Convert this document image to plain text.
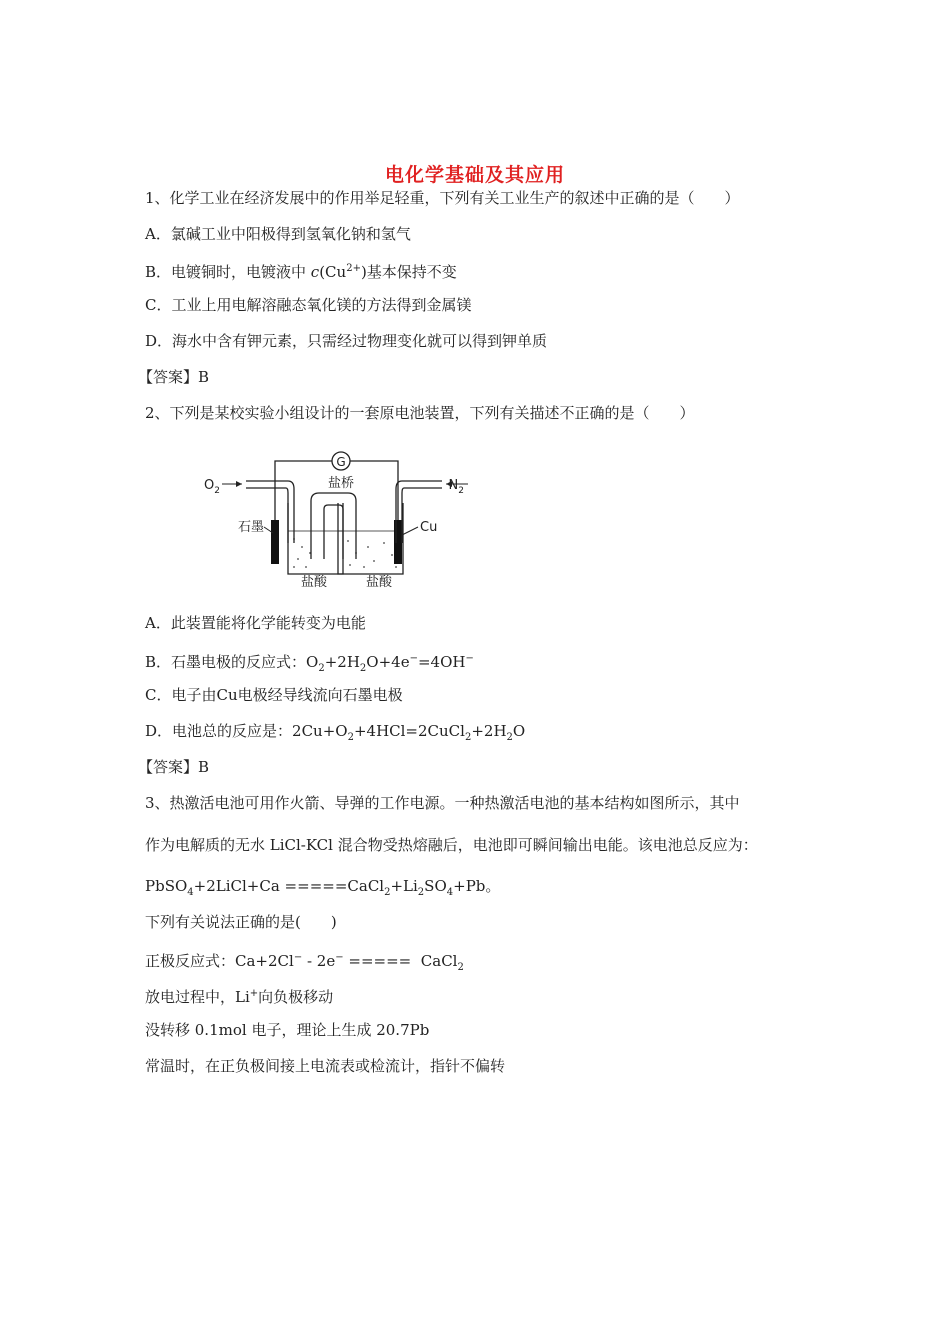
电化学基础及其应用
1、化学工业在经济发展中的作用举足轻重，下列有关工业生产的叙述中正确的是（　　）
A．氯碱工业中阳极得到氢氧化钠和氢气
B．电镀铜时，电镀液中 $c(Cu^{2+})$基本保持不变
C．工业上用电解溶融态氧化镁的方法得到金属镁
D．海水中含有钾元素，只需经过物理变化就可以得到钾单质
【答案】B
2、下列是某校实验小组设计的一套原电池装置，下列有关描述不正确的是（　　）
G
盐桥
$O_2$	$N_2$
石墨	Cu
盐酸	盐酸
A．此装置能将化学能转变为电能
B．石墨电极的反应式：$O_2+2H_2O+4e^-=4OH^-$
C．电子由Cu电极经导线流向石墨电极
D．电池总的反应是：$2Cu+O_2+4HCl=2CuCl_2+2H_2O$
【答案】B
3、热激活电池可用作火箭、导弹的工作电源。一种热激活电池的基本结构如图所示，其中
作为电解质的无水 LiCl-KCl 混合物受热熔融后，电池即可瞬间输出电能。该电池总反应为：
PbSO$_4$+2LiCl+Ca $=====CaCl_2+Li_2SO_4+Pb$。
下列有关说法正确的是(　　)
正极反应式：Ca+2Cl− - 2e− =====  CaCl$_2$
放电过程中，Li+向负极移动
没转移 0.1mol 电子，理论上生成 20.7Pb
常温时，在正负极间接上电流表或检流计，指针不偏转
